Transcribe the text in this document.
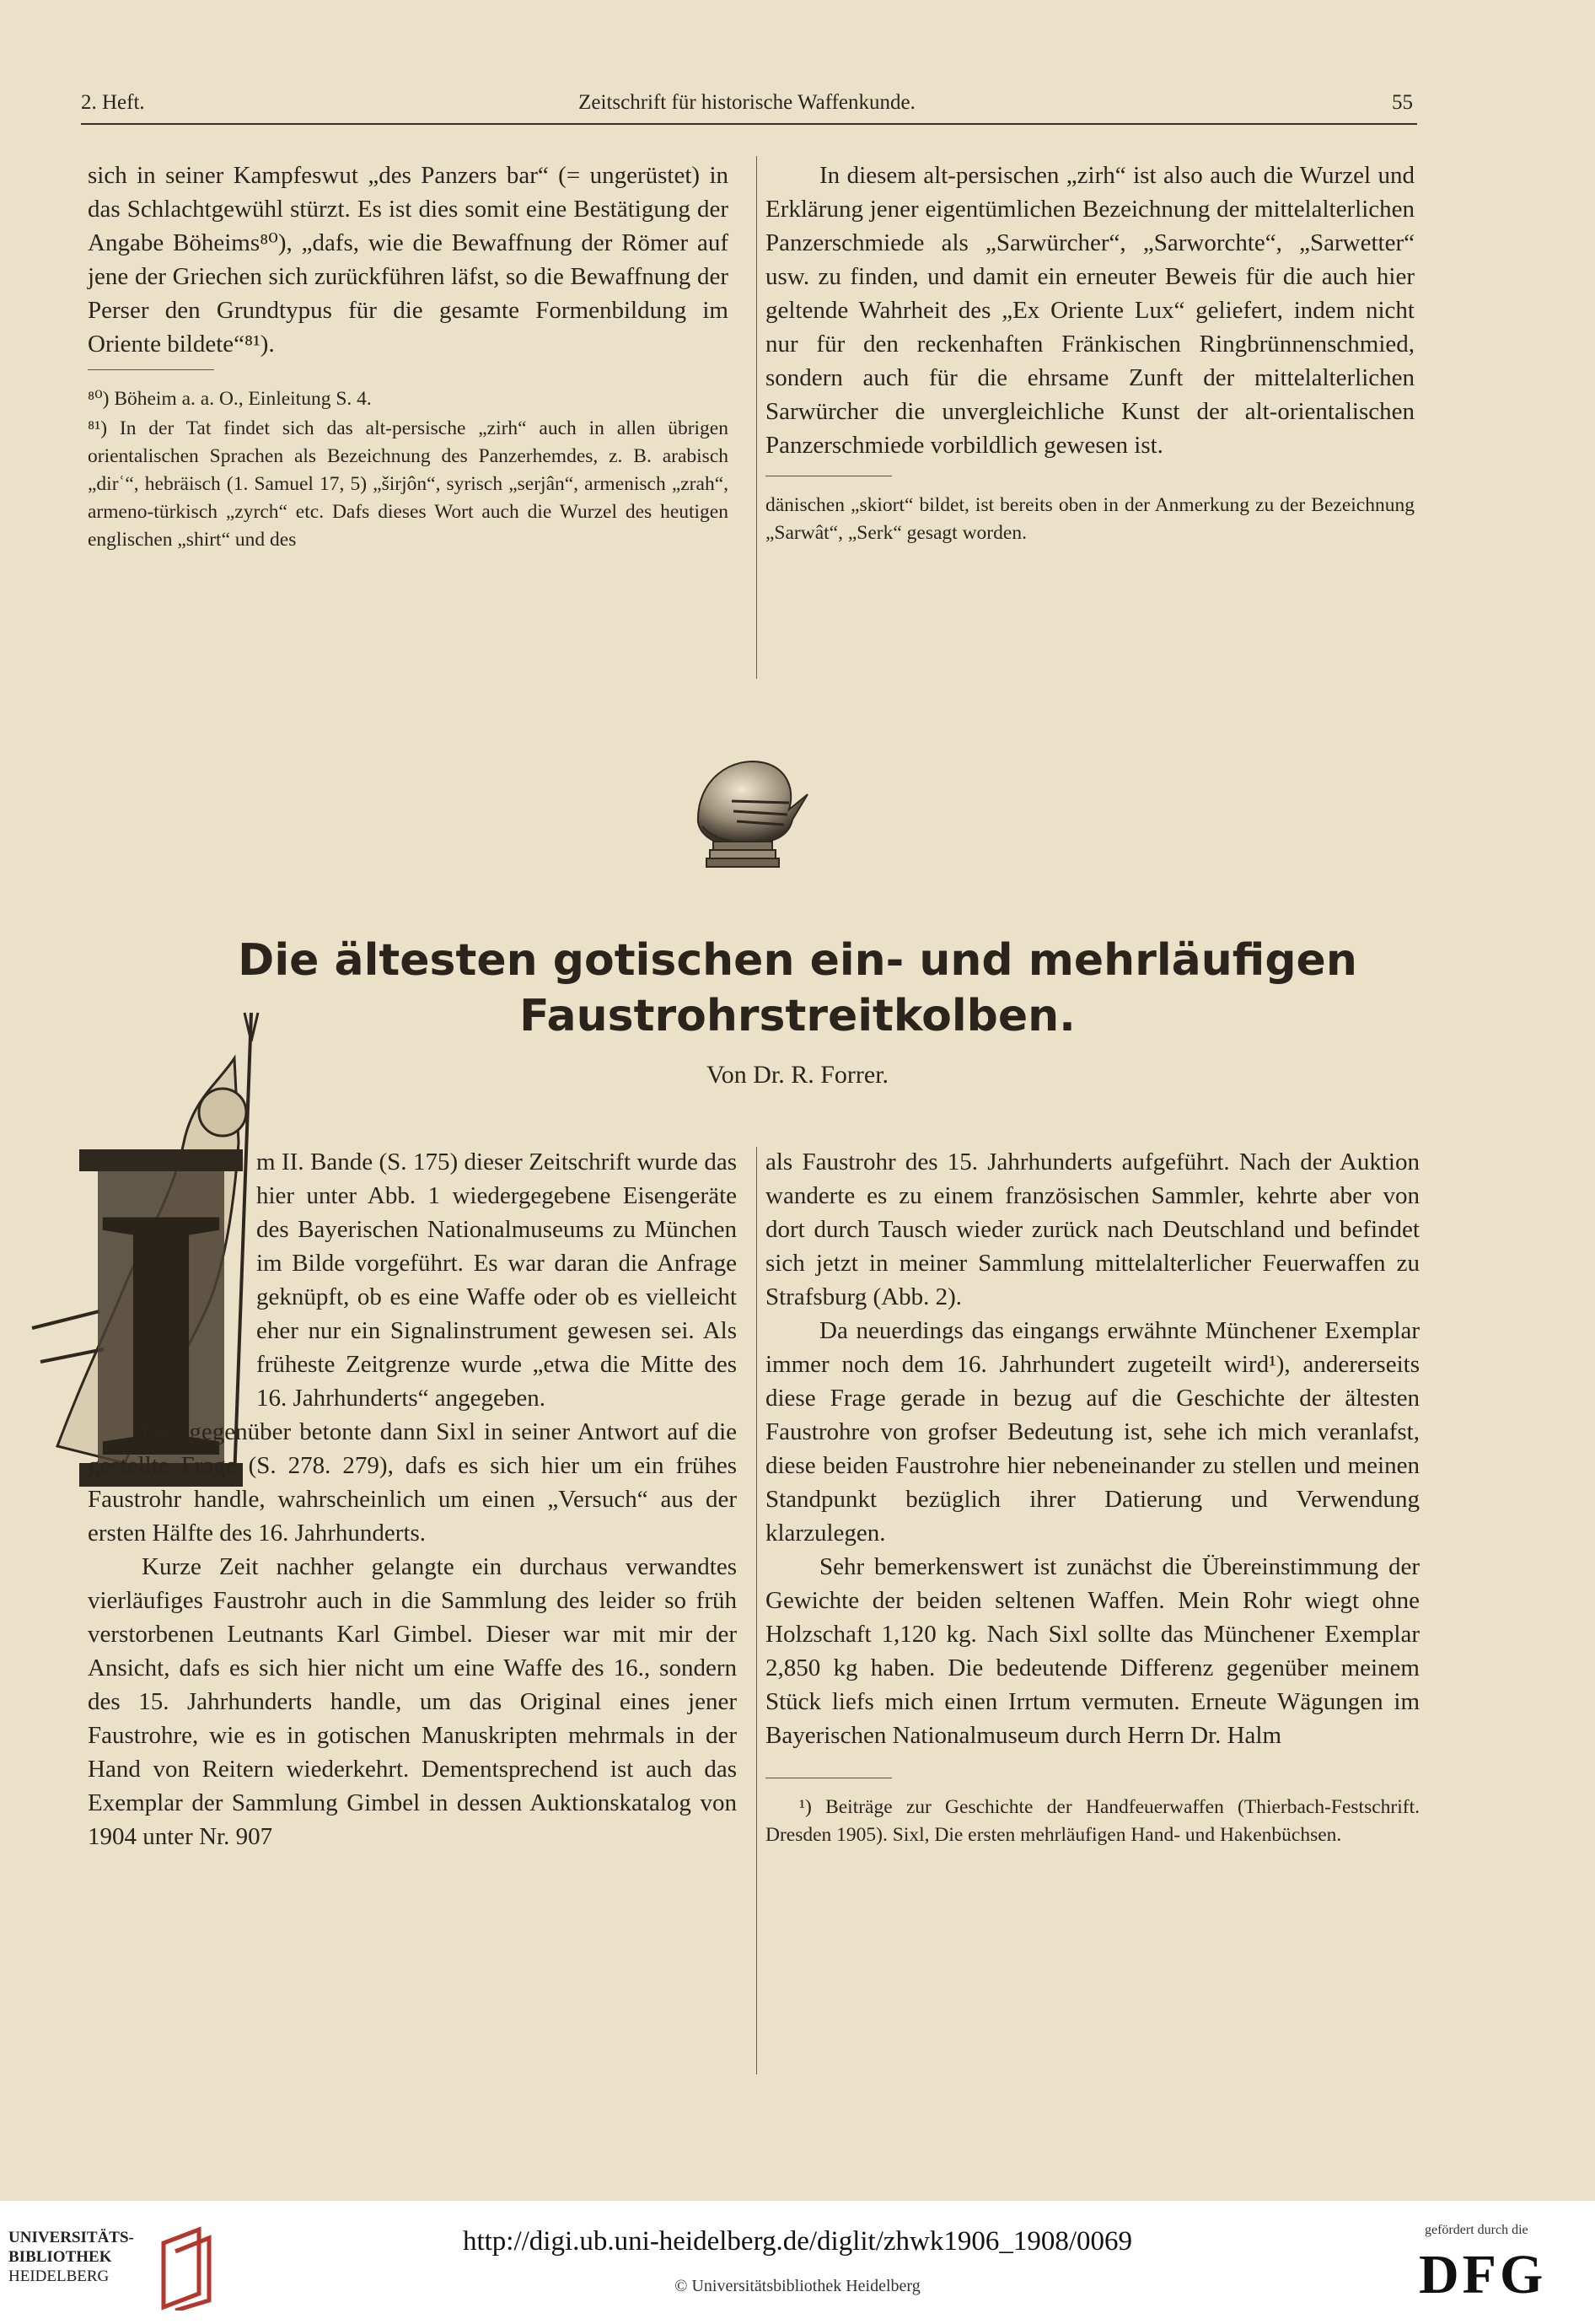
2. Heft.	Zeitschrift für historische Waffenkunde.	55

sich in seiner Kampfeswut „des Panzers bar“ (= ungerüstet) in das Schlachtgewühl stürzt. Es ist dies somit eine Bestätigung der Angabe Böheims⁸⁰), „dafs, wie die Bewaffnung der Römer auf jene der Griechen sich zurückführen läfst, so die Bewaffnung der Perser den Grundtypus für die gesamte Formenbildung im Oriente bildete“⁸¹).

⁸⁰) Böheim a. a. O., Einleitung S. 4.

⁸¹) In der Tat findet sich das alt-persische „zirh“ auch in allen übrigen orientalischen Sprachen als Bezeichnung des Panzerhemdes, z. B. arabisch „dirʿ“, hebräisch (1. Samuel 17, 5) „širjôn“, syrisch „serjân“, armenisch „zrah“, armeno-türkisch „zyrch“ etc. Dafs dieses Wort auch die Wurzel des heutigen englischen „shirt“ und des

In diesem alt-persischen „zirh“ ist also auch die Wurzel und Erklärung jener eigentümlichen Bezeichnung der mittelalterlichen Panzerschmiede als „Sarwürcher“, „Sarworchte“, „Sarwetter“ usw. zu finden, und damit ein erneuter Beweis für die auch hier geltende Wahrheit des „Ex Oriente Lux“ geliefert, indem nicht nur für den reckenhaften Fränkischen Ringbrünnenschmied, sondern auch für die ehrsame Zunft der mittelalterlichen Sarwürcher die unvergleichliche Kunst der alt-orientalischen Panzerschmiede vorbildlich gewesen ist.

dänischen „skiort“ bildet, ist bereits oben in der Anmerkung zu der Bezeichnung „Sarwât“, „Serk“ gesagt worden.

Die ältesten gotischen ein- und mehrläufigen
Faustrohrstreitkolben.
Von Dr. R. Forrer.
I	m II. Bande (S. 175) dieser Zeitschrift wurde das hier unter Abb. 1 wiedergegebene Eisengeräte des Bayerischen Nationalmuseums zu München im Bilde vorgeführt. Es war daran die Anfrage geknüpft, ob es eine Waffe oder ob es vielleicht eher nur ein Signalinstrument gewesen sei. Als früheste Zeitgrenze wurde „etwa die Mitte des 16. Jahrhunderts“ angegeben.

Demgegenüber betonte dann Sixl in seiner Antwort auf die gestellte Frage (S. 278. 279), dafs es sich hier um ein frühes Faustrohr handle, wahrscheinlich um einen „Versuch“ aus der ersten Hälfte des 16. Jahrhunderts.

Kurze Zeit nachher gelangte ein durchaus verwandtes vierläufiges Faustrohr auch in die Sammlung des leider so früh verstorbenen Leutnants Karl Gimbel. Dieser war mit mir der Ansicht, dafs es sich hier nicht um eine Waffe des 16., sondern des 15. Jahrhunderts handle, um das Original eines jener Faustrohre, wie es in gotischen Manuskripten mehrmals in der Hand von Reitern wiederkehrt. Dementsprechend ist auch das Exemplar der Sammlung Gimbel in dessen Auktionskatalog von 1904 unter Nr. 907

als Faustrohr des 15. Jahrhunderts aufgeführt. Nach der Auktion wanderte es zu einem französischen Sammler, kehrte aber von dort durch Tausch wieder zurück nach Deutschland und befindet sich jetzt in meiner Sammlung mittelalterlicher Feuerwaffen zu Strafsburg (Abb. 2).

Da neuerdings das eingangs erwähnte Münchener Exemplar immer noch dem 16. Jahrhundert zugeteilt wird¹), andererseits diese Frage gerade in bezug auf die Geschichte der ältesten Faustrohre von grofser Bedeutung ist, sehe ich mich veranlafst, diese beiden Faustrohre hier nebeneinander zu stellen und meinen Standpunkt bezüglich ihrer Datierung und Verwendung klarzulegen.

Sehr bemerkenswert ist zunächst die Übereinstimmung der Gewichte der beiden seltenen Waffen. Mein Rohr wiegt ohne Holzschaft 1,120 kg. Nach Sixl sollte das Münchener Exemplar 2,850 kg haben. Die bedeutende Differenz gegenüber meinem Stück liefs mich einen Irrtum vermuten. Erneute Wägungen im Bayerischen Nationalmuseum durch Herrn Dr. Halm

¹) Beiträge zur Geschichte der Handfeuerwaffen (Thierbach-Festschrift. Dresden 1905). Sixl, Die ersten mehrläufigen Hand- und Hakenbüchsen.

UNIVERSITÄTS-
BIBLIOTHEK
HEIDELBERG
http://digi.ub.uni-heidelberg.de/diglit/zhwk1906_1908/0069
© Universitätsbibliothek Heidelberg
gefördert durch die
DFG
